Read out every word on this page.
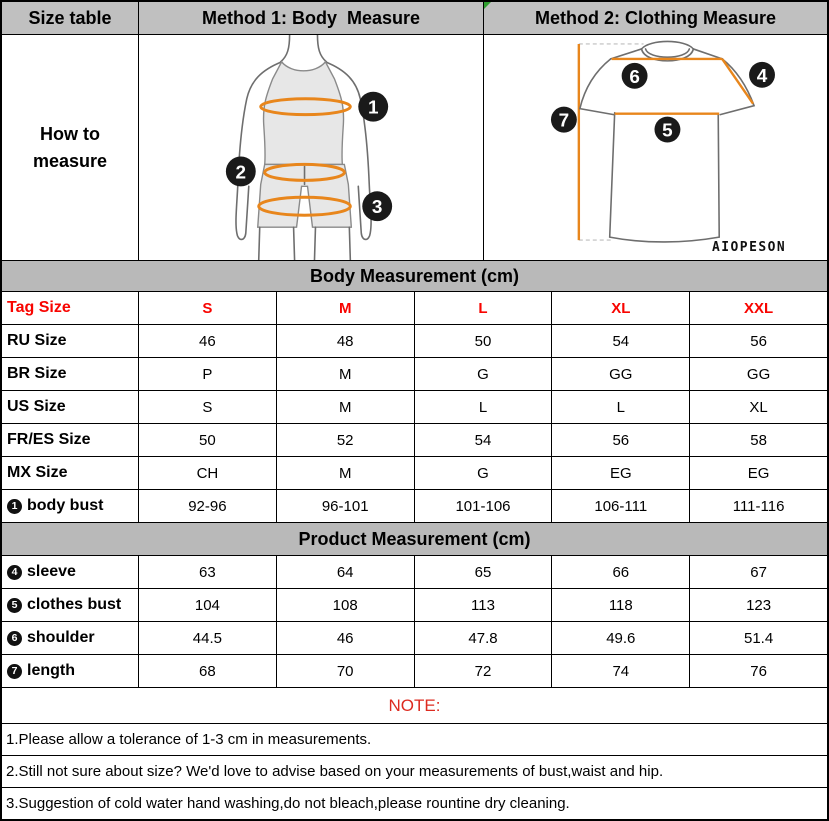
Size table	Method 1: Body  Measure	Method 2: Clothing Measure
How to
measure
1
2
3
6	4
7	5
AIOPESON
Body Measurement (cm)
Tag Size	S	M	L	XL	XXL
RU Size	46	48	50	54	56
BR Size	P	M	G	GG	GG
US Size	S	M	L	L	XL
FR/ES Size	50	52	54	56	58
MX Size	CH	M	G	EG	EG
1 body bust	92-96	96-101	101-106	106-111	111-116
Product Measurement (cm)
4 sleeve	63	64	65	66	67
5 clothes bust	104	108	113	118	123
6 shoulder	44.5	46	47.8	49.6	51.4
7 length	68	70	72	74	76
NOTE:
1.Please allow a tolerance of 1-3 cm in measurements.
2.Still not sure about size? We'd love to advise based on your measurements of bust,waist and hip.
3.Suggestion of cold water hand washing,do not bleach,please rountine dry cleaning.
